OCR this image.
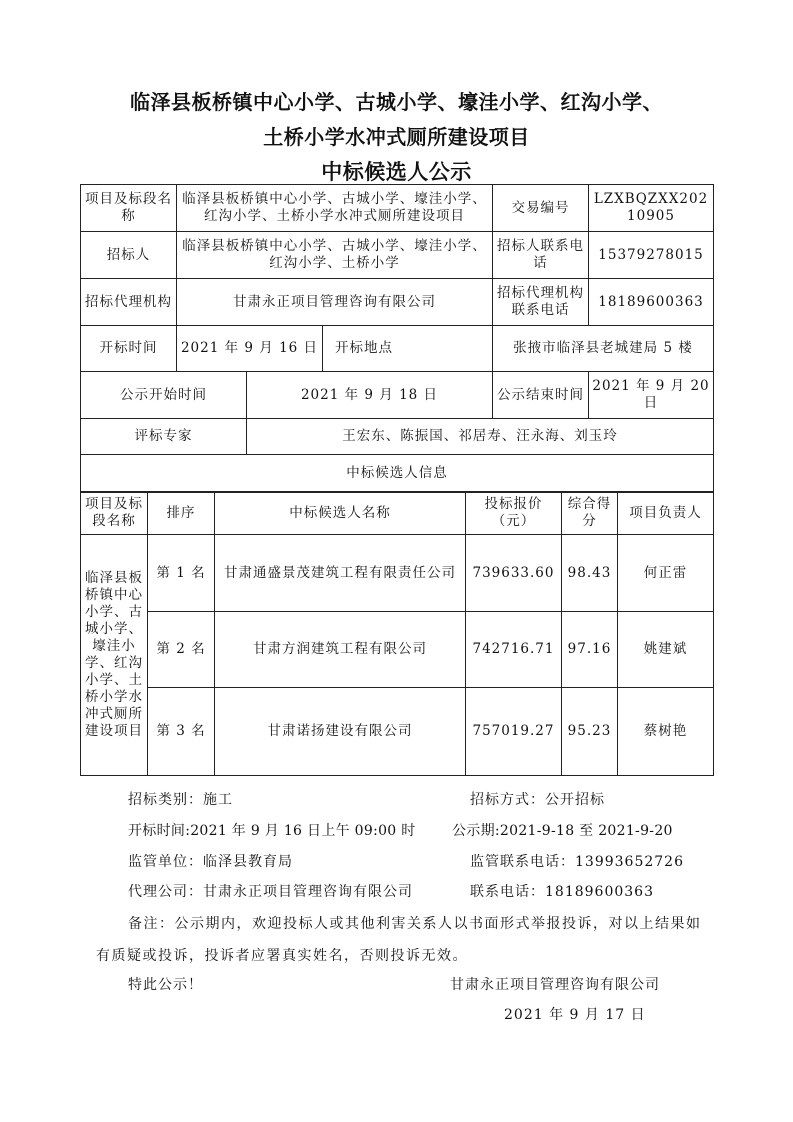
临泽县板桥镇中心小学、古城小学、壕洼小学、红沟小学、
土桥小学水冲式厕所建设项目
中标候选人公示
项目及标段名称	临泽县板桥镇中心小学、古城小学、壕洼小学、红沟小学、土桥小学水冲式厕所建设项目			交易编号	LZXBQZXX20210905
招标人	临泽县板桥镇中心小学、古城小学、壕洼小学、红沟小学、土桥小学			招标人联系电话	15379278015
招标代理机构	甘肃永正项目管理咨询有限公司			招标代理机构联系电话	18189600363
开标时间	2021 年 9 月 16 日		开标地点	张掖市临泽县老城建局 5 楼	
公示开始时间		2021 年 9 月 18 日		公示结束时间	2021 年 9 月 20 日
评标专家		王宏东、陈振国、祁居寿、汪永海、刘玉玲			
中标候选人信息					
项目及标段名称	排序	中标候选人名称	投标报价（元）	综合得分	项目负责人
临泽县板桥镇中心小学、古城小学、壕洼小学、红沟小学、土桥小学水冲式厕所建设项目	第 1 名	甘肃通盛景茂建筑工程有限责任公司	739633.60	98.43	何正雷
	第 2 名	甘肃方润建筑工程有限公司	742716.71	97.16	姚建斌
	第 3 名	甘肃诺扬建设有限公司	757019.27	95.23	蔡树艳
招标类别：施工	招标方式：公开招标
开标时间:2021 年 9 月 16 日上午 09:00 时	公示期:2021-9-18 至 2021-9-20
监管单位：临泽县教育局	监管联系电话：13993652726
代理公司：甘肃永正项目管理咨询有限公司	联系电话：18189600363
备注：公示期内，欢迎投标人或其他利害关系人以书面形式举报投诉，对以上结果如有质疑或投诉，投诉者应署真实姓名，否则投诉无效。
特此公示！	甘肃永正项目管理咨询有限公司
2021 年 9 月 17 日
